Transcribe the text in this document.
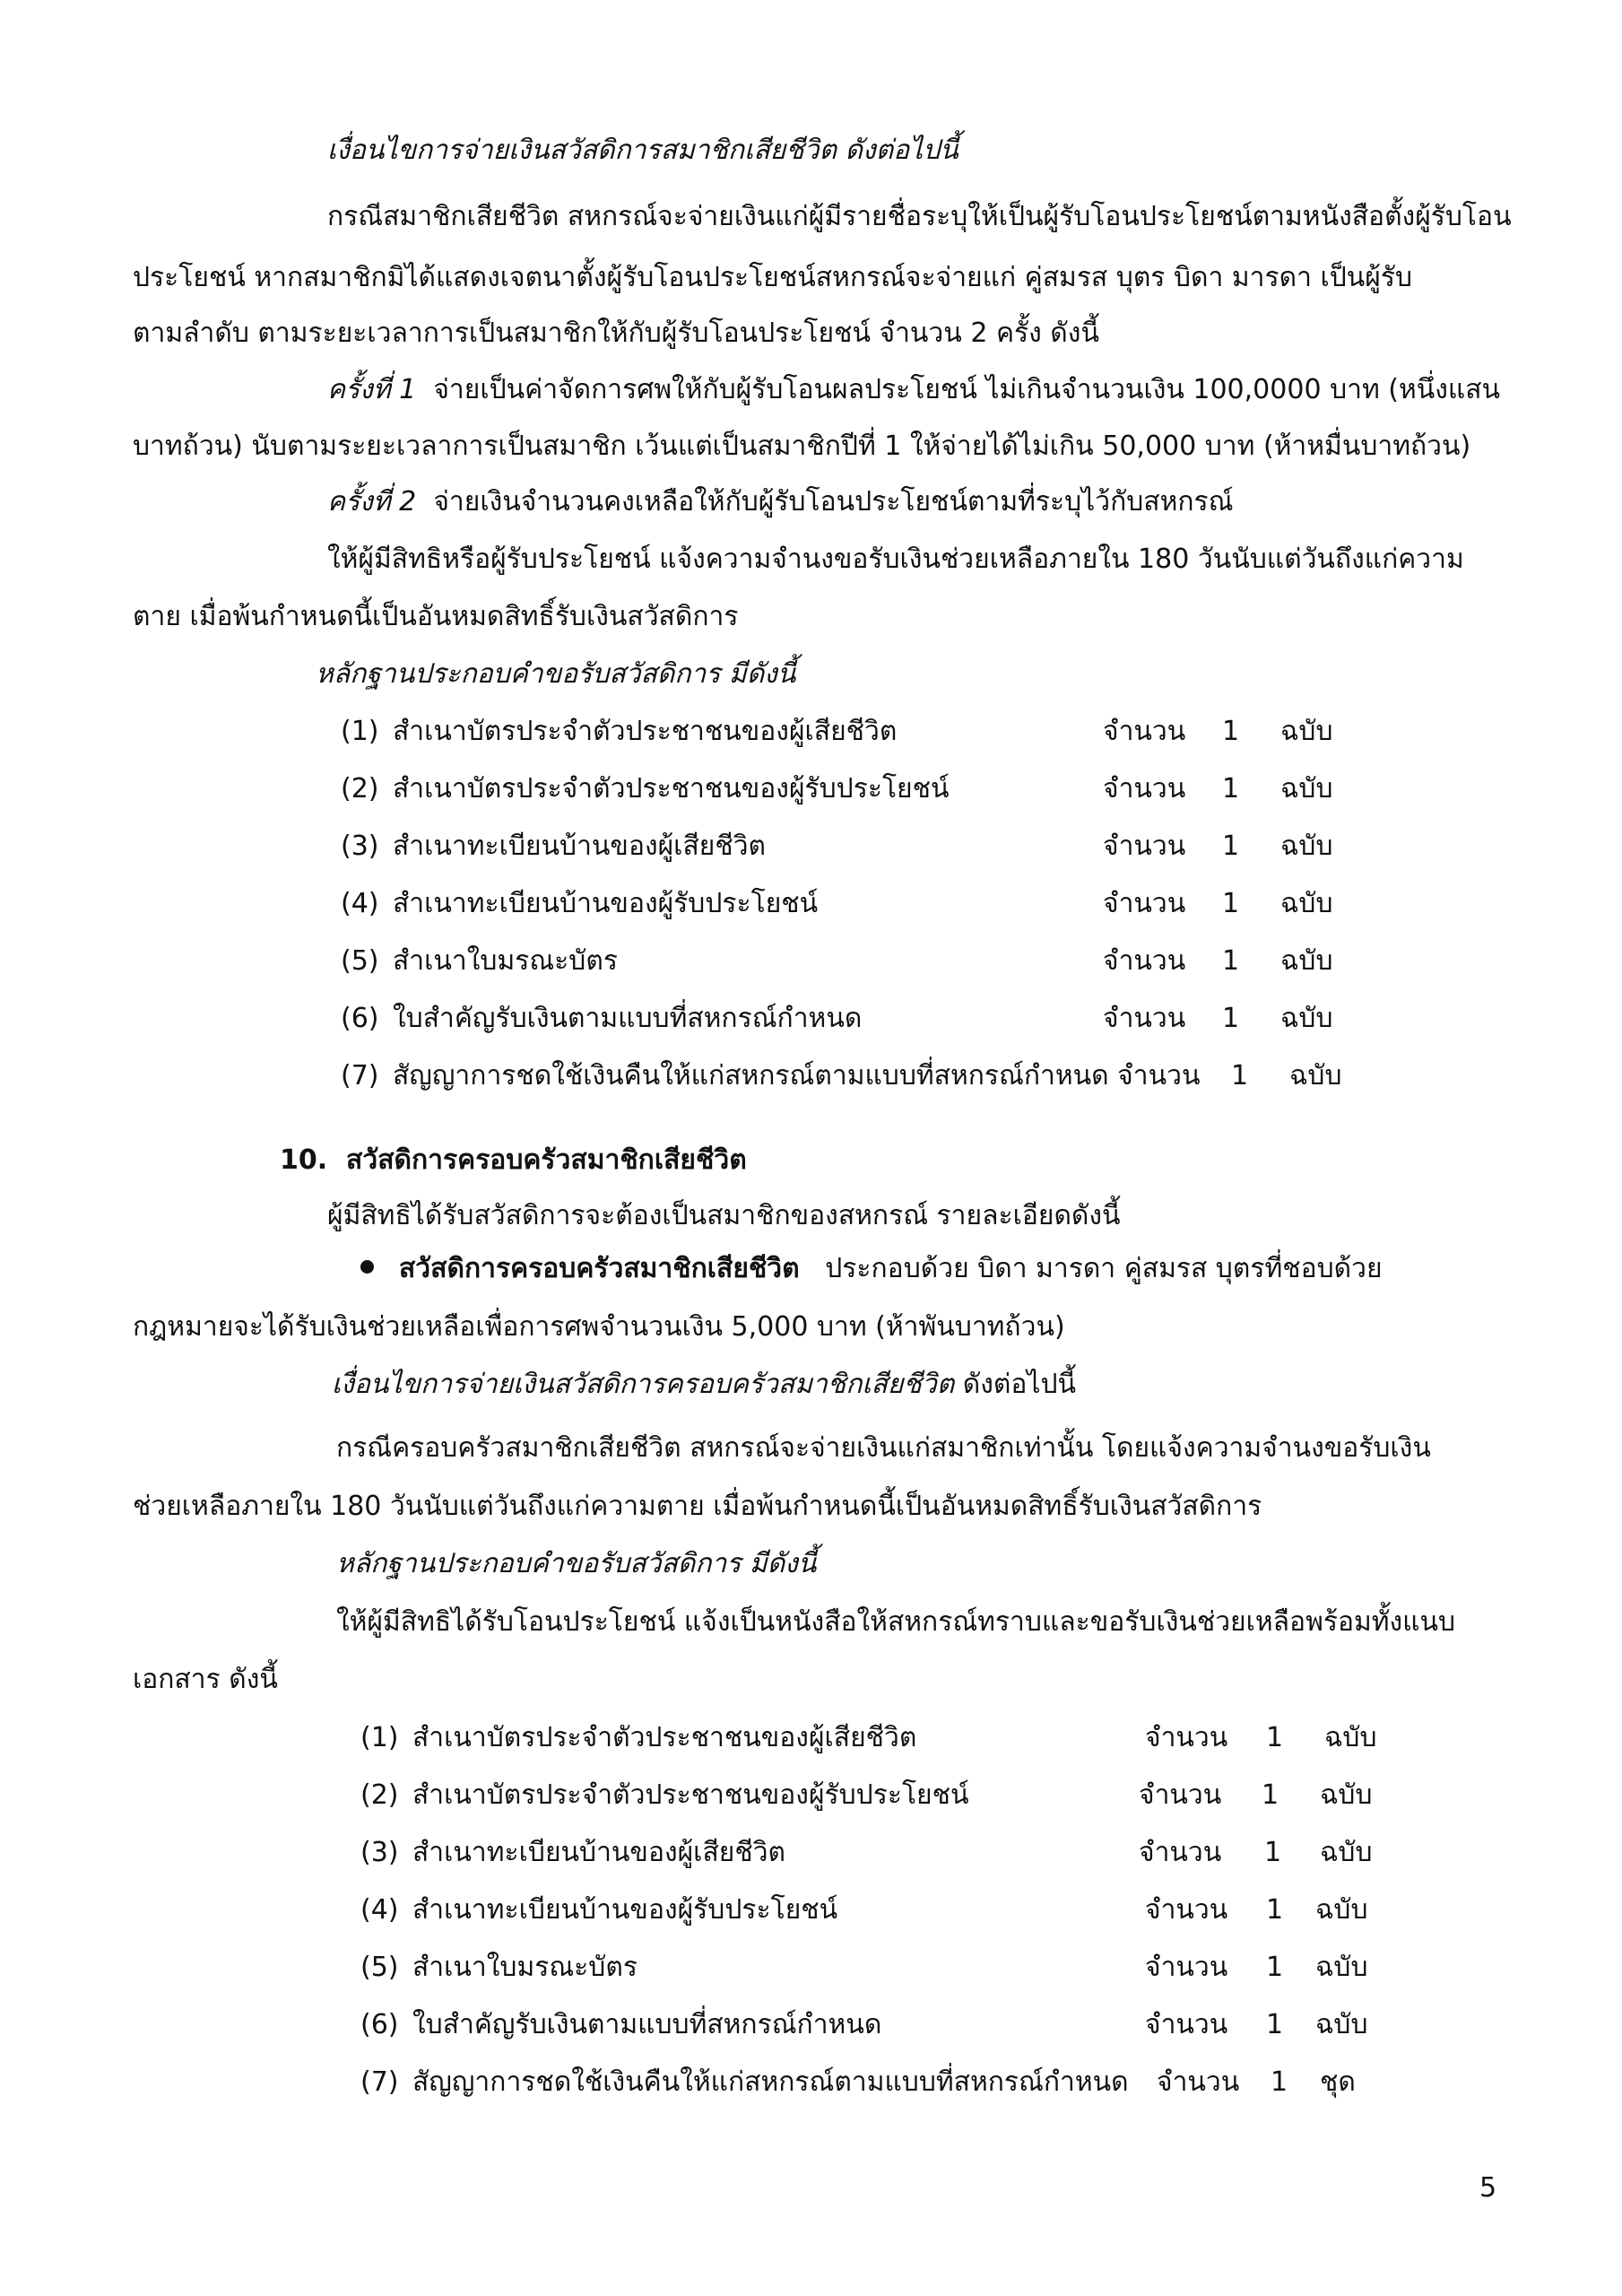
เงื่อนไขการจ่ายเงินสวัสดิการสมาชิกเสียชีวิต ดังต่อไปนี้
กรณีสมาชิกเสียชีวิต สหกรณ์จะจ่ายเงินแก่ผู้มีรายชื่อระบุให้เป็นผู้รับโอนประโยชน์ตามหนังสือตั้งผู้รับโอน
ประโยชน์ หากสมาชิกมิได้แสดงเจตนาตั้งผู้รับโอนประโยชน์สหกรณ์จะจ่ายแก่ คู่สมรส บุตร บิดา มารดา เป็นผู้รับ
ตามลำดับ ตามระยะเวลาการเป็นสมาชิกให้กับผู้รับโอนประโยชน์ จำนวน 2 ครั้ง ดังนี้
ครั้งที่ 1 จ่ายเป็นค่าจัดการศพให้กับผู้รับโอนผลประโยชน์ ไม่เกินจำนวนเงิน 100,0000 บาท (หนึ่งแสน
บาทถ้วน) นับตามระยะเวลาการเป็นสมาชิก เว้นแต่เป็นสมาชิกปีที่ 1 ให้จ่ายได้ไม่เกิน 50,000 บาท (ห้าหมื่นบาทถ้วน)
ครั้งที่ 2 จ่ายเงินจำนวนคงเหลือให้กับผู้รับโอนประโยชน์ตามที่ระบุไว้กับสหกรณ์
ให้ผู้มีสิทธิหรือผู้รับประโยชน์ แจ้งความจำนงขอรับเงินช่วยเหลือภายใน 180 วันนับแต่วันถึงแก่ความ
ตาย เมื่อพ้นกำหนดนี้เป็นอันหมดสิทธิ์รับเงินสวัสดิการ
หลักฐานประกอบคำขอรับสวัสดิการ มีดังนี้
(1) สำเนาบัตรประจำตัวประชาชนของผู้เสียชีวิต	จำนวน 1 ฉบับ
(2) สำเนาบัตรประจำตัวประชาชนของผู้รับประโยชน์	จำนวน 1 ฉบับ
(3) สำเนาทะเบียนบ้านของผู้เสียชีวิต	จำนวน 1 ฉบับ
(4) สำเนาทะเบียนบ้านของผู้รับประโยชน์	จำนวน 1 ฉบับ
(5) สำเนาใบมรณะบัตร	จำนวน 1 ฉบับ
(6) ใบสำคัญรับเงินตามแบบที่สหกรณ์กำหนด	จำนวน 1 ฉบับ
(7) สัญญาการชดใช้เงินคืนให้แก่สหกรณ์ตามแบบที่สหกรณ์กำหนด จำนวน 1 ฉบับ
10. สวัสดิการครอบครัวสมาชิกเสียชีวิต
ผู้มีสิทธิได้รับสวัสดิการจะต้องเป็นสมาชิกของสหกรณ์ รายละเอียดดังนี้
สวัสดิการครอบครัวสมาชิกเสียชีวิต ประกอบด้วย บิดา มารดา คู่สมรส บุตรที่ชอบด้วย
กฎหมายจะได้รับเงินช่วยเหลือเพื่อการศพจำนวนเงิน 5,000 บาท (ห้าพันบาทถ้วน)
เงื่อนไขการจ่ายเงินสวัสดิการครอบครัวสมาชิกเสียชีวิต ดังต่อไปนี้
กรณีครอบครัวสมาชิกเสียชีวิต สหกรณ์จะจ่ายเงินแก่สมาชิกเท่านั้น โดยแจ้งความจำนงขอรับเงิน
ช่วยเหลือภายใน 180 วันนับแต่วันถึงแก่ความตาย เมื่อพ้นกำหนดนี้เป็นอันหมดสิทธิ์รับเงินสวัสดิการ
หลักฐานประกอบคำขอรับสวัสดิการ มีดังนี้
ให้ผู้มีสิทธิได้รับโอนประโยชน์ แจ้งเป็นหนังสือให้สหกรณ์ทราบและขอรับเงินช่วยเหลือพร้อมทั้งแนบ
เอกสาร ดังนี้
(1) สำเนาบัตรประจำตัวประชาชนของผู้เสียชีวิต	จำนวน 1 ฉบับ
(2) สำเนาบัตรประจำตัวประชาชนของผู้รับประโยชน์	จำนวน 1 ฉบับ
(3) สำเนาทะเบียนบ้านของผู้เสียชีวิต	จำนวน 1 ฉบับ
(4) สำเนาทะเบียนบ้านของผู้รับประโยชน์	จำนวน 1 ฉบับ
(5) สำเนาใบมรณะบัตร	จำนวน 1 ฉบับ
(6) ใบสำคัญรับเงินตามแบบที่สหกรณ์กำหนด	จำนวน 1 ฉบับ
(7) สัญญาการชดใช้เงินคืนให้แก่สหกรณ์ตามแบบที่สหกรณ์กำหนด จำนวน 1 ชุด
5
